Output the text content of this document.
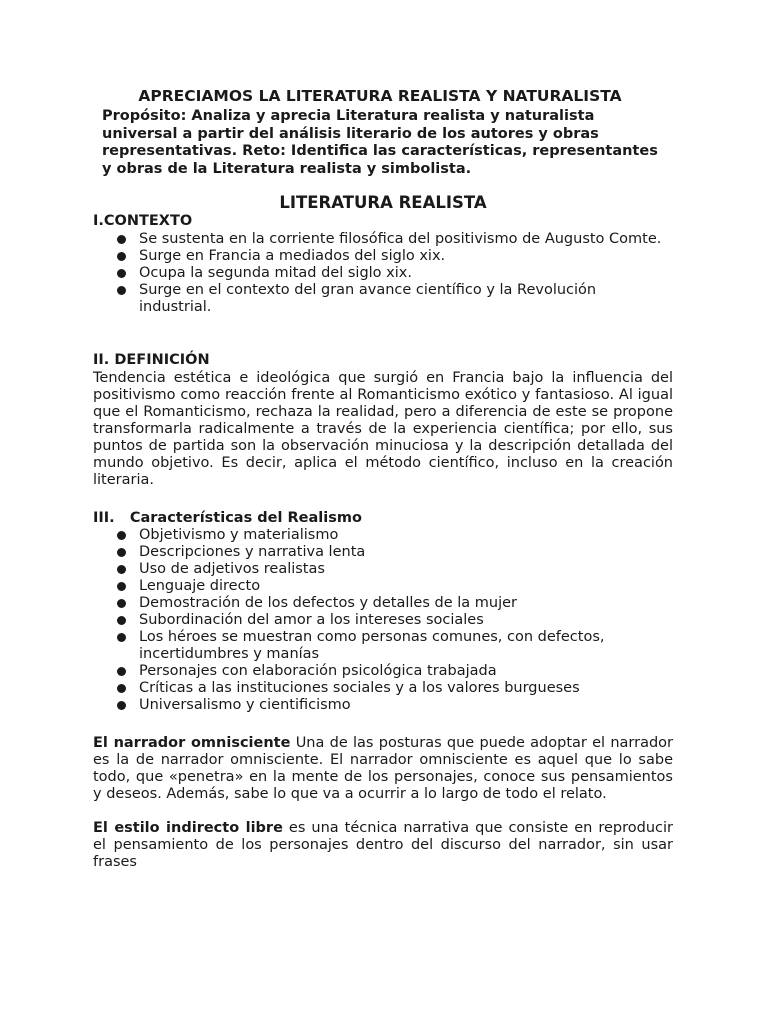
APRECIAMOS LA LITERATURA REALISTA Y NATURALISTA

Propósito: Analiza y aprecia Literatura realista y naturalista universal a partir del análisis literario de los autores y obras representativas. Reto: Identifica las características, representantes y obras de la Literatura realista y simbolista.

LITERATURA REALISTA
I.CONTEXTO
Se sustenta en la corriente filosófica del positivismo de Augusto Comte.
Surge en Francia a mediados del siglo xix.
Ocupa la segunda mitad del siglo xix.
Surge en el contexto del gran avance científico y la Revolución industrial.
II. DEFINICIÓN

Tendencia estética e ideológica que surgió en Francia bajo la influencia del positivismo como reacción frente al Romanticismo exótico y fantasioso. Al igual que el Romanticismo, rechaza la realidad, pero a diferencia de este se propone transformarla radicalmente a través de la experiencia científica; por ello, sus puntos de partida son la observación minuciosa y la descripción detallada del mundo objetivo. Es decir, aplica el método científico, incluso en la creación literaria.

III.   Características del Realismo
Objetivismo y materialismo
Descripciones y narrativa lenta
Uso de adjetivos realistas
Lenguaje directo
Demostración de los defectos y detalles de la mujer
Subordinación del amor a los intereses sociales
Los héroes se muestran como personas comunes, con defectos, incertidumbres y manías
Personajes con elaboración psicológica trabajada
Críticas a las instituciones sociales y a los valores burgueses
Universalismo y cientificismo

El narrador omnisciente Una de las posturas que puede adoptar el narrador es la de narrador omnisciente. El narrador omnisciente es aquel que lo sabe todo, que «penetra» en la mente de los personajes, conoce sus pensamientos y deseos. Además, sabe lo que va a ocurrir a lo largo de todo el relato.

El estilo indirecto libre es una técnica narrativa que consiste en reproducir el pensamiento de los personajes dentro del discurso del narrador, sin usar frases
